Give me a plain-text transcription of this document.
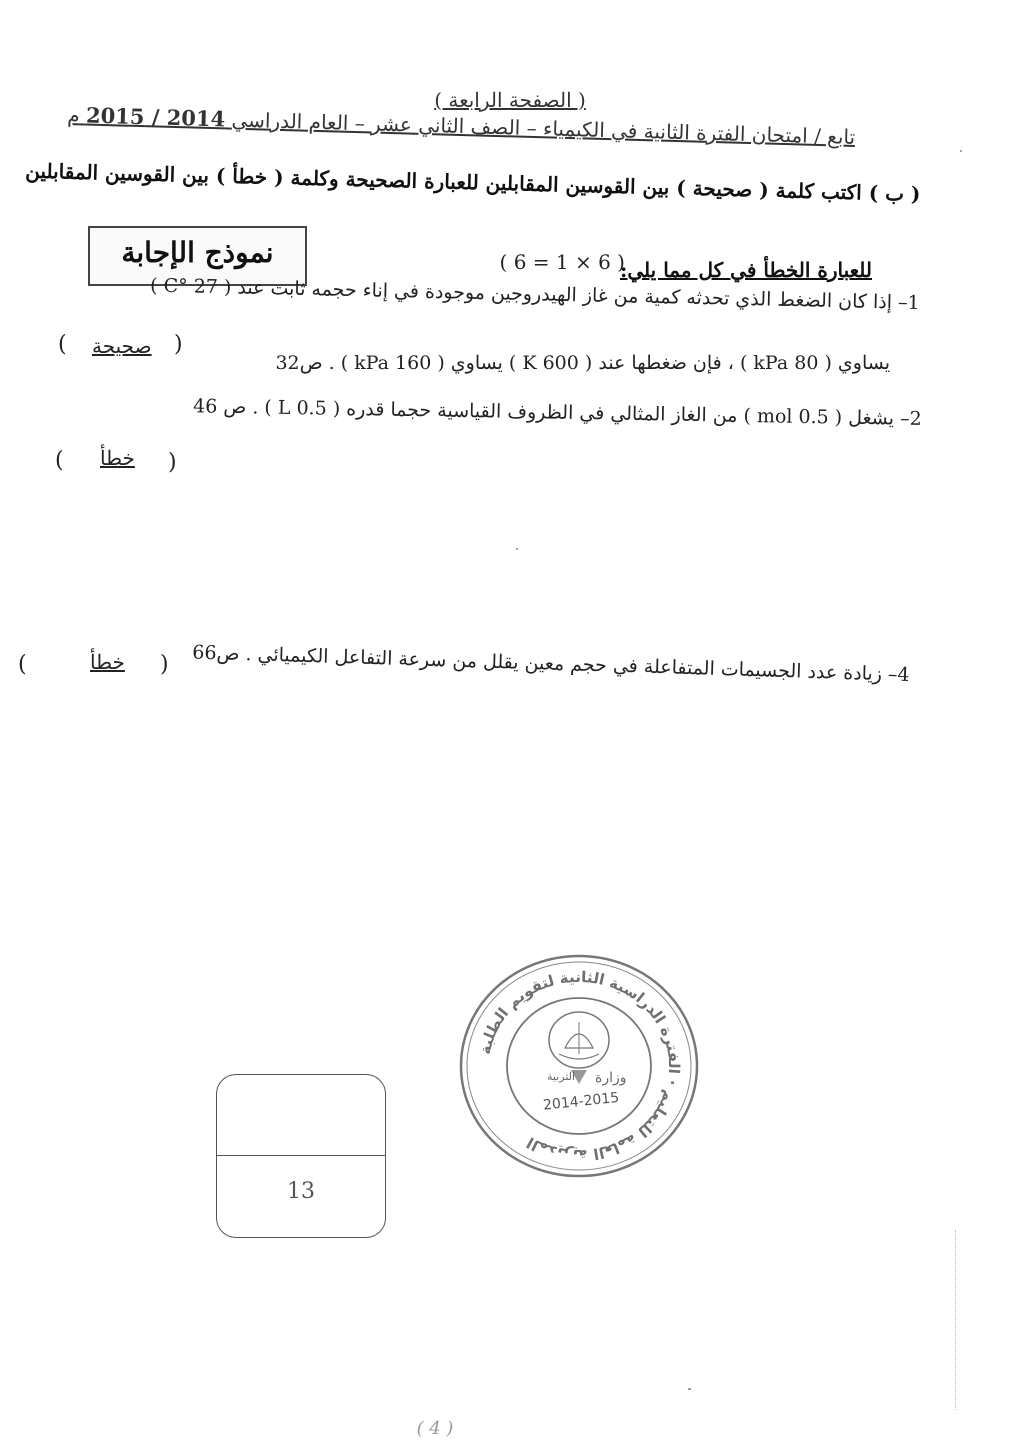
( الصفحة الرابعة )
تابع / امتحان الفترة الثانية في الكيمياء – الصف الثاني عشر – العام الدراسي 2014 / 2015 م
( ب ) اكتب كلمة ( صحيحة ) بين القوسين المقابلين للعبارة الصحيحة وكلمة ( خطأ ) بين القوسين المقابلين
للعبارة الخطأ في كل مما يلي:
( 6 = 1 × 6 )
نموذج الإجابة
1– إذا كان الضغط الذي تحدثه كمية من غاز الهيدروجين موجودة في إناء حجمه ثابت عند ( 27 °C )
يساوي ( 80 kPa ) ، فإن ضغطها عند ( 600 K ) يساوي ( 160 kPa ) . ص32
)
صحيحة
(
2– يشغل ( 0.5 mol ) من الغاز المثالي في الظروف القياسية حجما قدره ( 0.5 L ) . ص 46
)
خطأ
(
4– زيادة عدد الجسيمات المتفاعلة في حجم معين يقلل من سرعة التفاعل الكيميائي . ص66
)
خطأ
(
المديرية العامة للتعليم · الفترة الدراسية الثانية لتقويم الطلبة
التربية وزارة
2014-2015
13
( 4 )
